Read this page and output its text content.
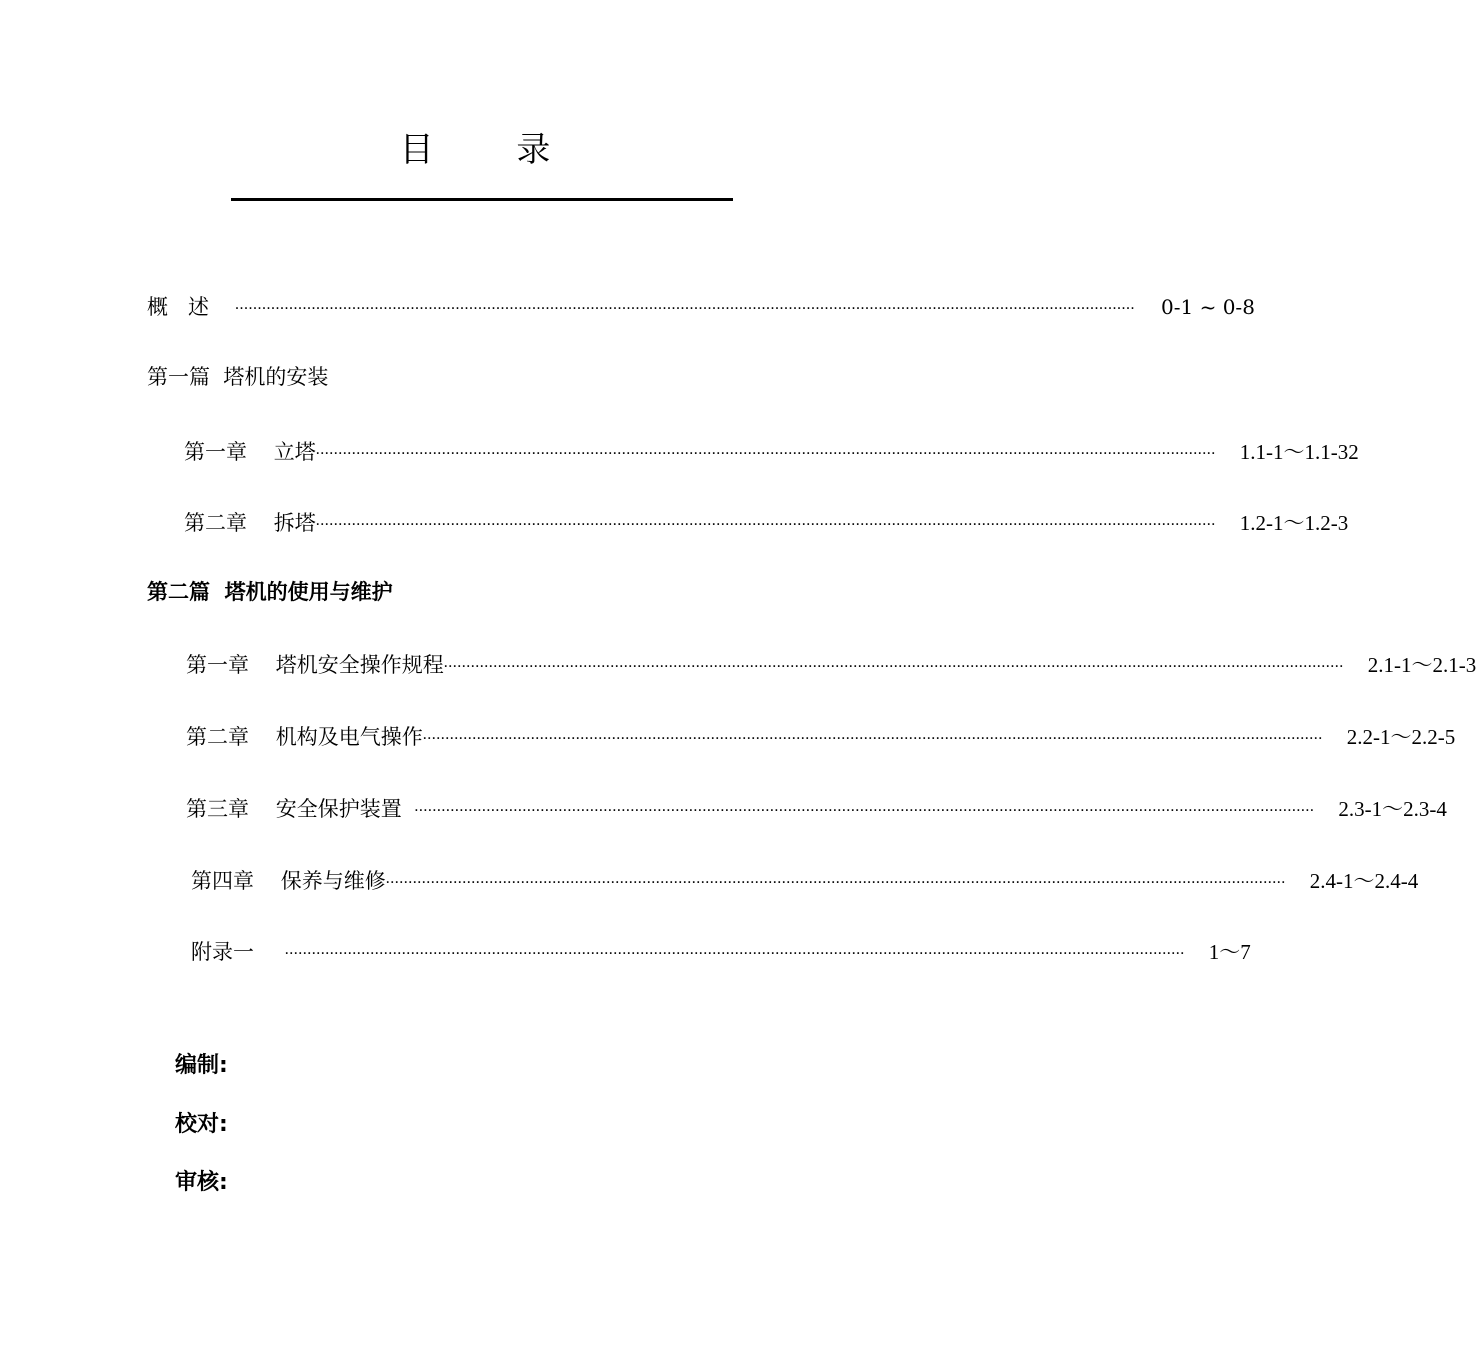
目 录
概   述 ........................................................................................................................................................................................................ 0-1 ~ 0-8
第一篇  塔机的安装
第一章    立塔 ........................................................................................................................................................................................................ 1.1-1～1.1-32
第二章    拆塔 ........................................................................................................................................................................................................ 1.2-1～1.2-3
第二篇  塔机的使用与维护
第一章    塔机安全操作规程 ........................................................................................................................................................................................................ 2.1-1～2.1-3
第二章    机构及电气操作 ........................................................................................................................................................................................................ 2.2-1～2.2-5
第三章    安全保护装置 ........................................................................................................................................................................................................ 2.3-1～2.3-4
第四章    保养与维修 ........................................................................................................................................................................................................ 2.4-1～2.4-4
附录一 ........................................................................................................................................................................................................ 1～7
编制:
校对:
审核:
